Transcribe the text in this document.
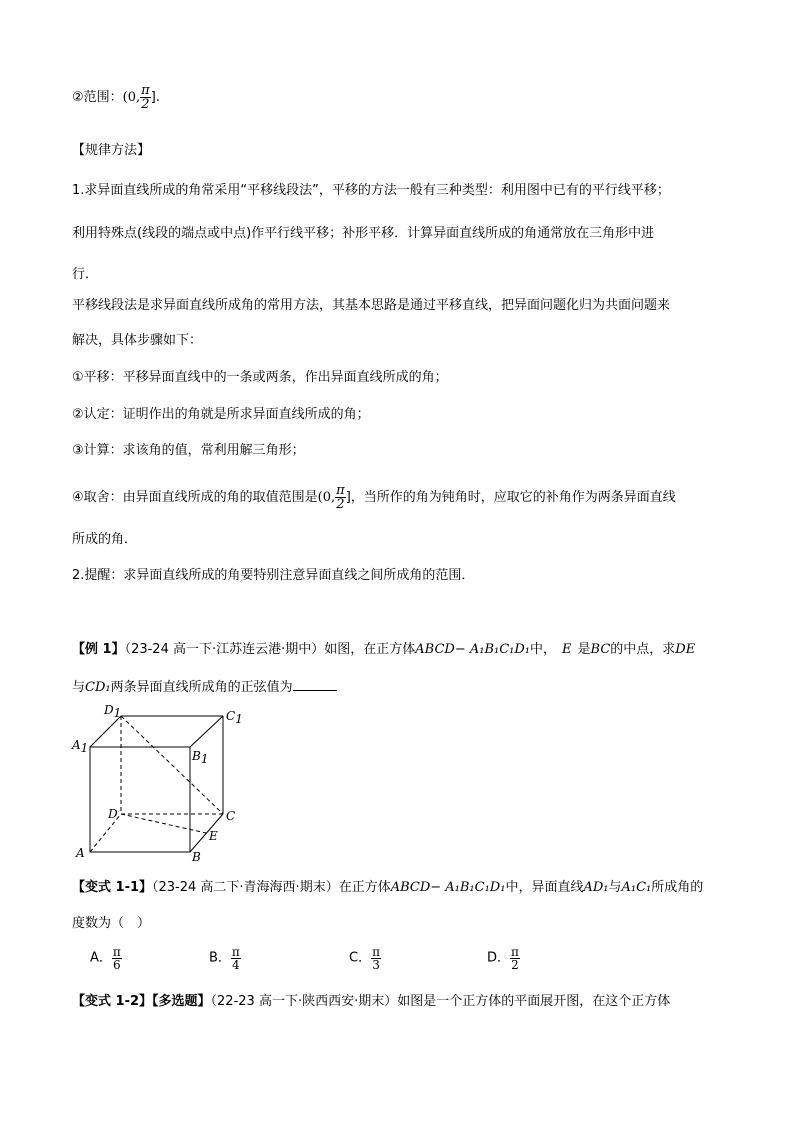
②范围：(0, $\frac{\pi}{2}$ ].
【规律方法】
1.求异面直线所成的角常采用“平移线段法”，平移的方法一般有三种类型：利用图中已有的平行线平移；
利用特殊点(线段的端点或中点)作平行线平移；补形平移．计算异面直线所成的角通常放在三角形中进
行．
平移线段法是求异面直线所成角的常用方法，其基本思路是通过平移直线，把异面问题化归为共面问题来
解决，具体步骤如下：
①平移：平移异面直线中的一条或两条，作出异面直线所成的角；
②认定：证明作出的角就是所求异面直线所成的角；
③计算：求该角的值，常利用解三角形；
④取舍：由异面直线所成的角的取值范围是(0, $\frac{\pi}{2}$ ]，当所作的角为钝角时，应取它的补角作为两条异面直线
所成的角．
2.提醒：求异面直线所成的角要特别注意异面直线之间所成角的范围．
【例 1】（23-24 高一下·江苏连云港·期中）如图，在正方体ABCD− A₁B₁C₁D₁中， E 是BC的中点，求DE
与CD₁两条异面直线所成角的正弦值为
D1	C1
A1
B1
D	C
E
A	B
【变式 1-1】（23-24 高二下·青海海西·期末）在正方体ABCD− A₁B₁C₁D₁中，异面直线AD₁与A₁C₁所成角的
度数为（　）
A． $\frac{\pi}{6}$	B． $\frac{\pi}{4}$	C． $\frac{\pi}{3}$	D． $\frac{\pi}{2}$
【变式 1-2】【多选题】（22-23 高一下·陕西西安·期末）如图是一个正方体的平面展开图，在这个正方体
